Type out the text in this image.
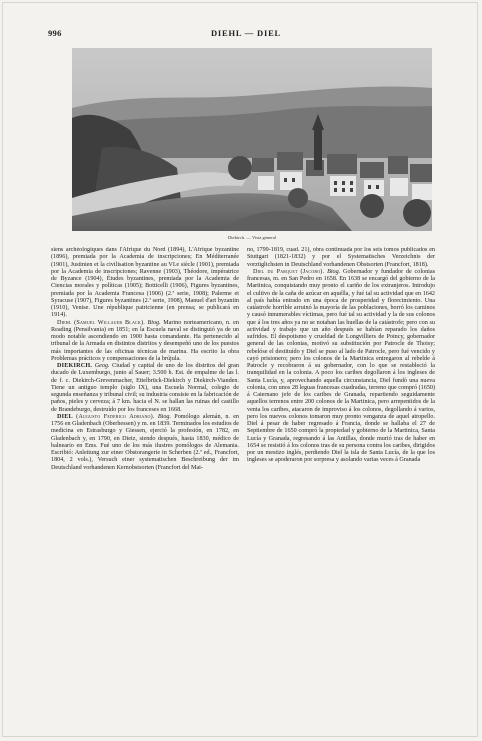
996	DIEHL — DIEL
Diekirch. — Vista general

siens archéologiques dans l'Afrique du Nord (1894), L'Afrique byzantine (1896), premiada por la Academia de inscripciones; En Méditerranée (1901), Justinien et la civilisation byzantine au VI.e siècle (1901), premiada por la Academia de inscripciones; Ravenne (1903), Théodore, impératrice de Byzance (1904), Études byzantines, premiada por la Academia de Ciencias morales y políticas (1905); Botticelli (1906), Figures byzantines, premiada por la Academia Francesa (1906) (2.ª serie, 1908); Palerme et Syracuse (1907), Figures byzantines (2.ª serie, 1908), Manuel d'art byzantin (1910), Venise. Une république patricienne (en prensa; se publicará en 1914).

Diehl (Samuel Willauer Black). Biog. Marino norteamericano, n. en Reading (Pensilvania) en 1851; en la Escuela naval se distinguió ya de un modo notable ascendiendo en 1900 hasta comandante. Ha pertenecido al tribunal de la Armada en distintos distritos y desempeñó uno de los puestos más importantes de las oficinas técnicas de marina. Ha escrito la obra Problemas prácticos y compensaciones de la brújula.

DIEKIRCH. Geog. Ciudad y capital de uno de los distritos del gran ducado de Luxemburgo, junto al Sauer; 3.500 h. Est. de empalme de las l. de f. c. Diekirch-Grevenmacher, Ettelbrück-Diekirch y Diekirch-Vianden. Tiene un antiguo templo (siglo IX), una Escuela Normal, colegio de segunda enseñanza y tribunal civil; su industria consiste en la fabricación de paños, pieles y cerveza; á 7 km. hacia el N. se hallan las ruinas del castillo de Brandeburgo, destruído por los franceses en 1668.

DIEL (Augusto Federico Adriano). Biog. Pomólogo alemán, n. en 1756 en Gladenbach (Oberhessen) y m. en 1839. Terminados los estudios de medicina en Estrasburgo y Giessen, ejerció la profesión, en 1782, en Gladenbach y, en 1790, en Dietz, siendo después, hasta 1830, médico de balneario en Ems. Fué uno de los más ilustres pomólogos de Alemania. Escribió: Anleitung zur einer Obstorangerie in Scherben (2.ª ed., Francfort, 1804, 2 vols.), Versuch einer systematischen Beschreibung der im Deutschland vorhandenen Kernobstsorten (Francfort del Mai-

no, 1799-1819, cuad. 21), obra continuada por los seis tomos publicados en Stuttgart (1821-1832) y por el Systematisches Verzeichnis der vorzüglichsten in Deutschland vorhandenen Obstsorten (Francfort, 1818).

Diel du Parquet (Jacobo). Biog. Gobernador y fundador de colonias francesas, m. en San Pedro en 1658. En 1638 se encargó del gobierno de la Martinica, conquistando muy pronto el cariño de los extranjeros. Introdujo el cultivo de la caña de azúcar en aquélla, y fué tal su actividad que en 1642 al país había entrado en una época de prosperidad y florecimiento. Una catástrofe horrible arruinó la mayoría de las poblaciones, borró los caminos y causó innumerables víctimas, pero fué tal su actividad y la de sus colonos que á los tres años ya no se notaban las huellas de la catástrofe; pero con su actividad y trabajo que un año después se habían reparado los daños sufridos. El despotismo y crueldad de Longvilliers de Poincy, gobernador general de las colonias, motivó su substitución por Patrocle de Thoisy; rebelóse el destituído y Diel se puso al lado de Patrocle, pero fué vencido y cayó prisionero; pero los colonos de la Martinica entregaron al rebelde á Patrocle y recobraron á su gobernador, con lo que se restableció la tranquilidad en la colonia. A poco los caribes degollaron á los ingleses de Santa Lucía, y, aprovechando aquella circunstancia, Diel fundó una nueva colonia, con unos 28 leguas francesas cuadradas, terreno que compró (1650) á Caiernano jefe de los caribes de Granada, repartiendo seguidamente aquellos terrenos entre 200 colonos de la Martinica, pero arrepentidos de la venta los caribes, atacaron de improviso á los colonos, degollando á varios, pero los nuevos colonos tomaron muy pronto venganza de aquel atropello. Diel á pesar de haber regresado á Francia, donde se hallaba el 27 de Septiembre de 1650 compró la propiedad y gobierno de la Martinica, Santa Lucía y Granada, regresando á las Antillas, donde murió tras de haber en 1654 se resistió á los colonos tras de su persona contra los caribes, dirigidos por un mestizo inglés, perdiendo Diel la isla de Santa Lucía, de la que los ingleses se apoderaron por sorpresa y asolando varias veces á Granada
